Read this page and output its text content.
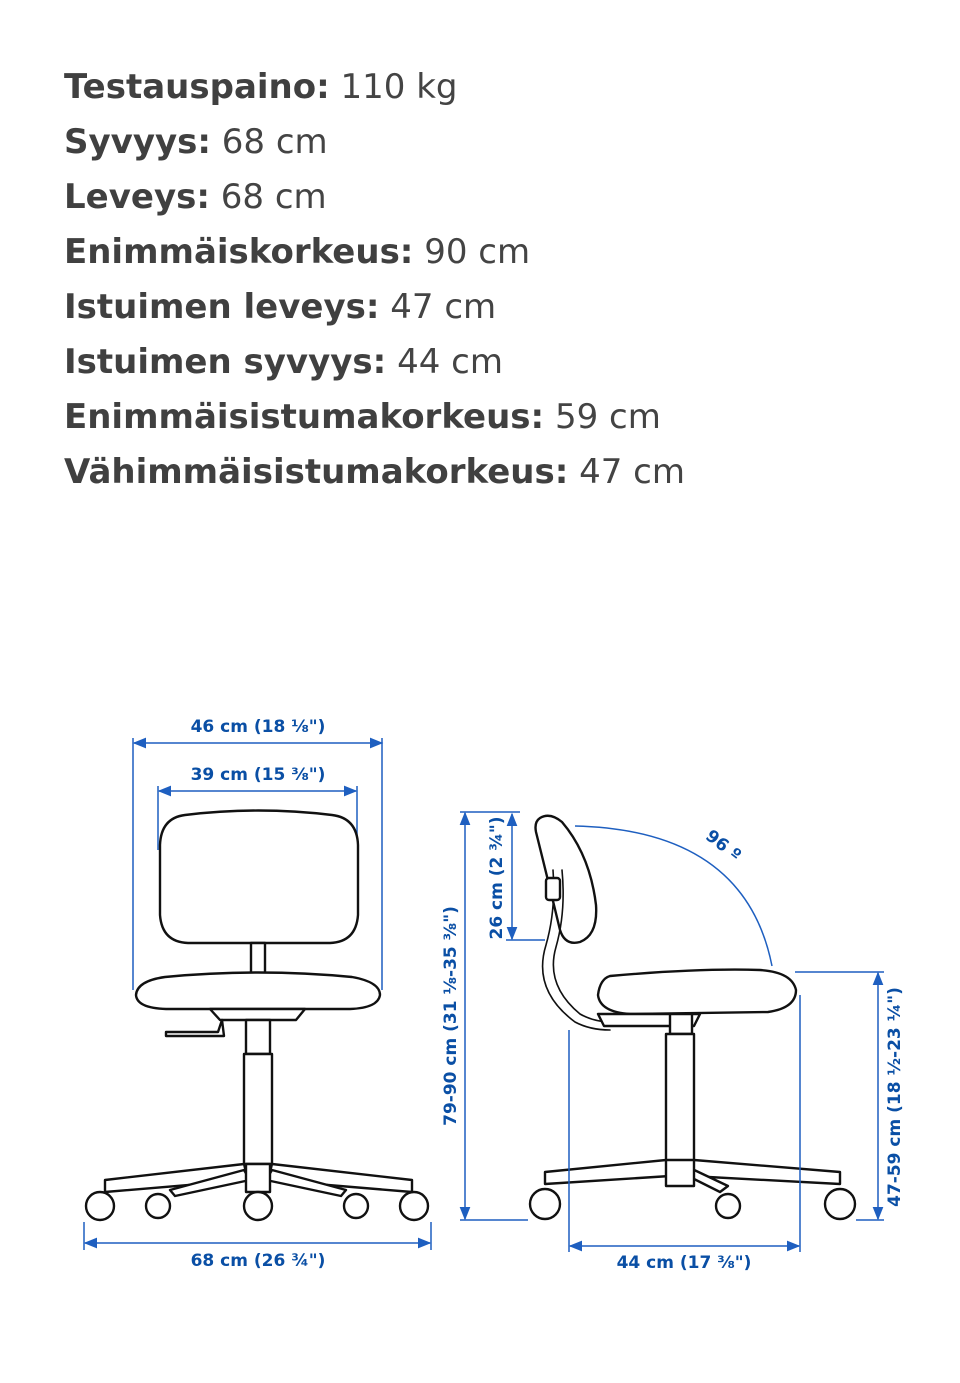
Testauspaino: 110 kg
Syvyys: 68 cm
Leveys: 68 cm
Enimmäiskorkeus: 90 cm
Istuimen leveys: 47 cm
Istuimen syvyys: 44 cm
Enimmäisistumakorkeus: 59 cm
Vähimmäisistumakorkeus: 47 cm
46 cm (18 ⅛")
39 cm (15 ⅜")
68 cm (26 ¾")
79-90 cm (31 ⅛-35 ⅜")
26 cm (2 ¾")	96 º
47-59 cm (18 ½-23 ¼")
44 cm (17 ⅜")
